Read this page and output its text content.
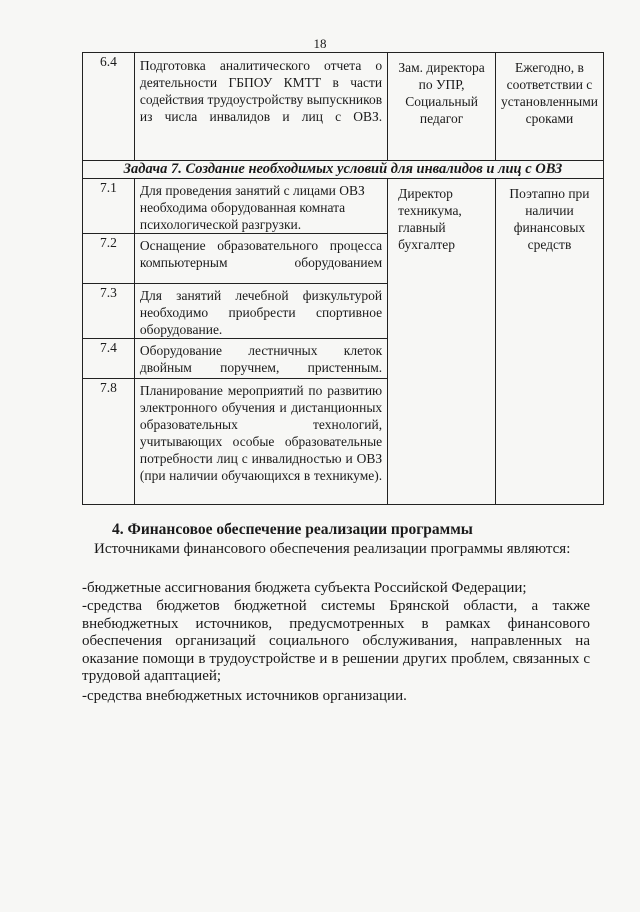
18
6.4	Подготовка аналитического отчета о деятельности ГБПОУ КМТТ в части содействия трудоустройству выпускников из числа инвалидов и лиц с ОВЗ.	Зам. директора по УПР, Социальный педагог	Ежегодно, в соответствии с установленными сроками
Задача 7. Создание необходимых условий для инвалидов и лиц с ОВЗ			
7.1	Для проведения занятий с лицами ОВЗ необходима оборудованная комната психологической разгрузки.	Директор техникума, главный бухгалтер	Поэтапно при наличии финансовых средств
7.2	Оснащение образовательного процесса компьютерным оборудованием		
7.3	Для занятий лечебной физкультурой необходимо приобрести спортивное оборудование.		
7.4	Оборудование лестничных клеток двойным поручнем, пристенным.		
7.8	Планирование мероприятий по развитию электронного обучения и дистанционных образовательных технологий, учитывающих особые образовательные потребности лиц с инвалидностью и ОВЗ (при наличии обучающихся в техникуме).		
4. Финансовое обеспечение реализации программы
Источниками финансового обеспечения реализации программы являются:
-бюджетные ассигнования бюджета субъекта Российской Федерации;
-средства бюджетов бюджетной системы Брянской области, а также внебюджетных источников, предусмотренных в рамках финансового обеспечения организаций социального обслуживания, направленных на оказание помощи в трудоустройстве и в решении других проблем, связанных с трудовой адаптацией;
-средства внебюджетных источников организации.
